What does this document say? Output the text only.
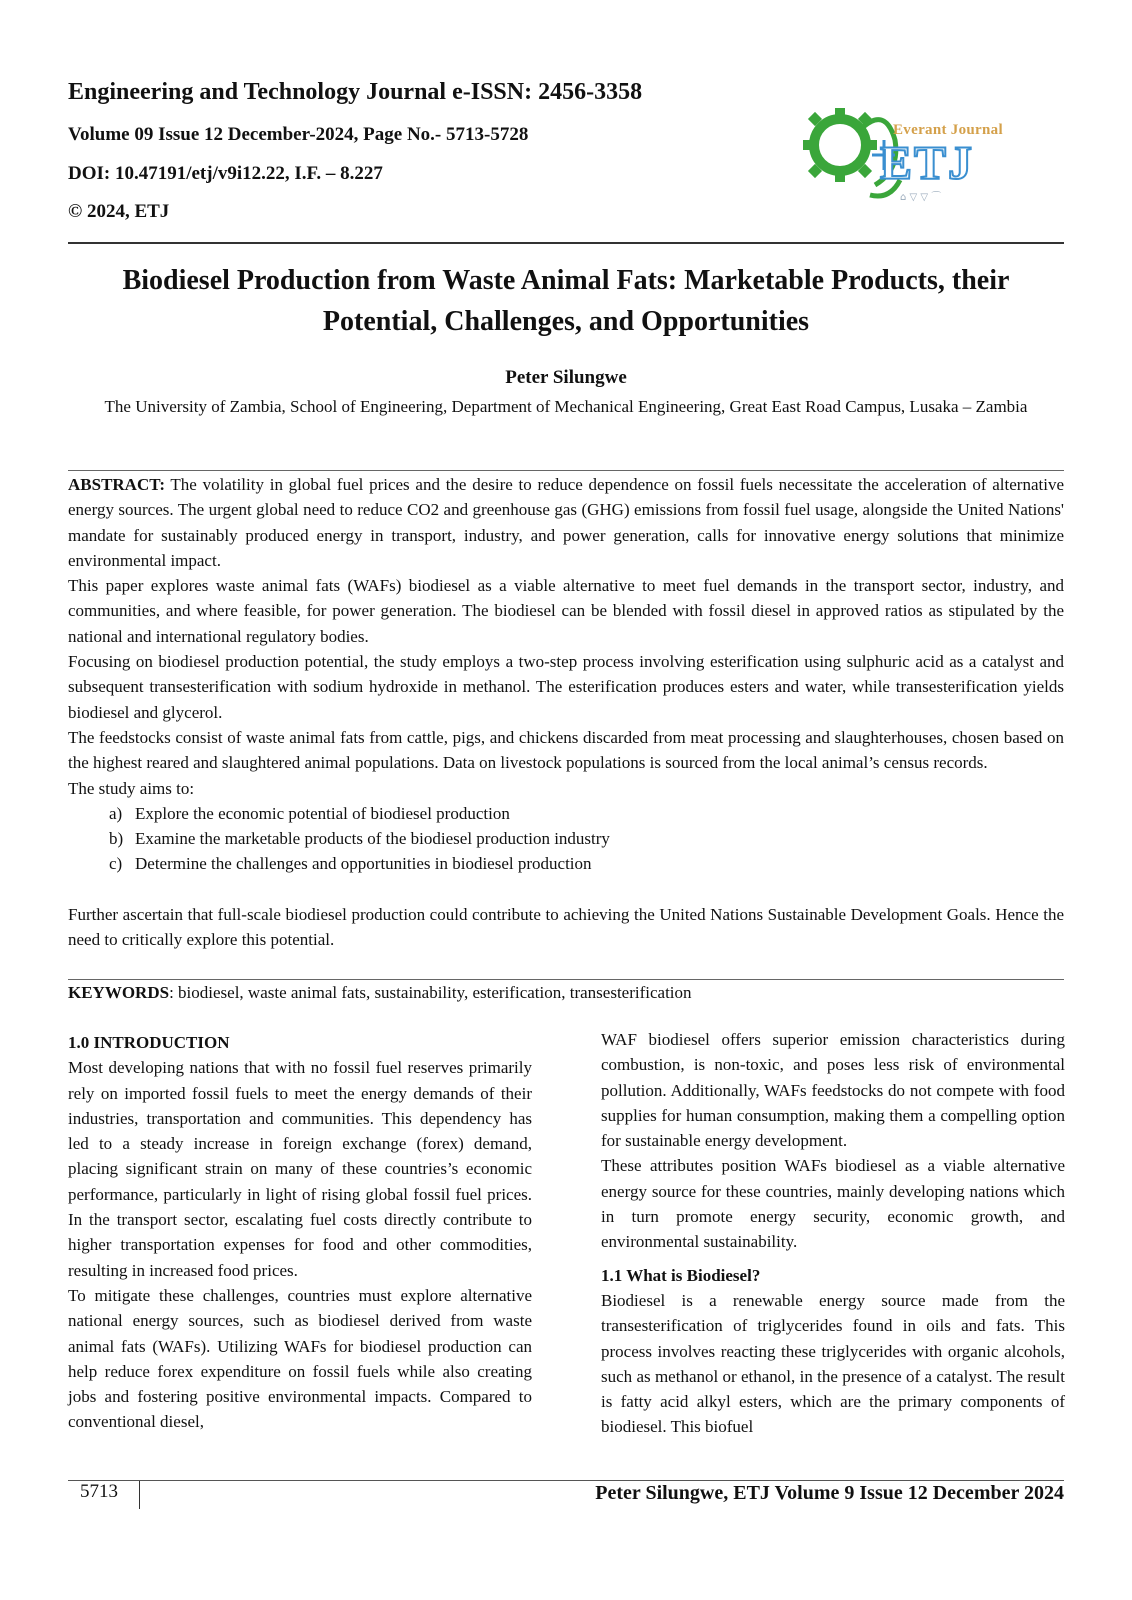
Engineering and Technology Journal e-ISSN: 2456-3358
Volume 09 Issue 12 December-2024, Page No.- 5713-5728
DOI: 10.47191/etj/v9i12.22, I.F. – 8.227
© 2024, ETJ
⌂ ▽ ▽ ⌒
Everant Journal
ETJ
Biodiesel Production from Waste Animal Fats: Marketable Products, their Potential, Challenges, and Opportunities
Peter Silungwe
The University of Zambia, School of Engineering, Department of Mechanical Engineering, Great East Road Campus, Lusaka – Zambia

ABSTRACT: The volatility in global fuel prices and the desire to reduce dependence on fossil fuels necessitate the acceleration of alternative energy sources. The urgent global need to reduce CO2 and greenhouse gas (GHG) emissions from fossil fuel usage, alongside the United Nations' mandate for sustainably produced energy in transport, industry, and power generation, calls for innovative energy solutions that minimize environmental impact.

This paper explores waste animal fats (WAFs) biodiesel as a viable alternative to meet fuel demands in the transport sector, industry, and communities, and where feasible, for power generation. The biodiesel can be blended with fossil diesel in approved ratios as stipulated by the national and international regulatory bodies.

Focusing on biodiesel production potential, the study employs a two-step process involving esterification using sulphuric acid as a catalyst and subsequent transesterification with sodium hydroxide in methanol. The esterification produces esters and water, while transesterification yields biodiesel and glycerol.

The feedstocks consist of waste animal fats from cattle, pigs, and chickens discarded from meat processing and slaughterhouses, chosen based on the highest reared and slaughtered animal populations. Data on livestock populations is sourced from the local animal’s census records.

The study aims to:

a) Explore the economic potential of biodiesel production
b) Examine the marketable products of the biodiesel production industry
c) Determine the challenges and opportunities in biodiesel production

Further ascertain that full-scale biodiesel production could contribute to achieving the United Nations Sustainable Development Goals. Hence the need to critically explore this potential.

KEYWORDS: biodiesel, waste animal fats, sustainability, esterification, transesterification

1.0 INTRODUCTION

Most developing nations that with no fossil fuel reserves primarily rely on imported fossil fuels to meet the energy demands of their industries, transportation and communities. This dependency has led to a steady increase in foreign exchange (forex) demand, placing significant strain on many of these countries’s economic performance, particularly in light of rising global fossil fuel prices. In the transport sector, escalating fuel costs directly contribute to higher transportation expenses for food and other commodities, resulting in increased food prices.

To mitigate these challenges, countries must explore alternative national energy sources, such as biodiesel derived from waste animal fats (WAFs). Utilizing WAFs for biodiesel production can help reduce forex expenditure on fossil fuels while also creating jobs and fostering positive environmental impacts. Compared to conventional diesel,

WAF biodiesel offers superior emission characteristics during combustion, is non-toxic, and poses less risk of environmental pollution. Additionally, WAFs feedstocks do not compete with food supplies for human consumption, making them a compelling option for sustainable energy development.

These attributes position WAFs biodiesel as a viable alternative energy source for these countries, mainly developing nations which in turn promote energy security, economic growth, and environmental sustainability.

1.1 What is Biodiesel?

Biodiesel is a renewable energy source made from the transesterification of triglycerides found in oils and fats. This process involves reacting these triglycerides with organic alcohols, such as methanol or ethanol, in the presence of a catalyst. The result is fatty acid alkyl esters, which are the primary components of biodiesel. This biofuel

5713	Peter Silungwe, ETJ Volume 9 Issue 12 December 2024
